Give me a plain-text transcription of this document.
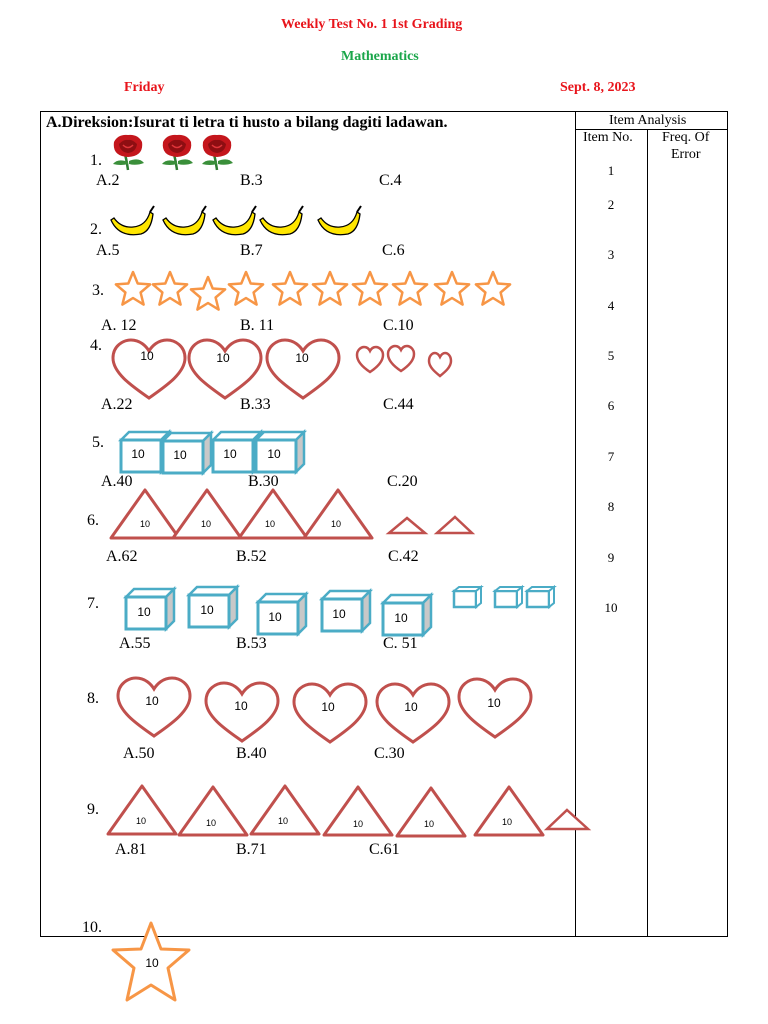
Weekly Test No. 1 1st Grading
Mathematics
Friday	Sept. 8, 2023
A.Direksion:Isurat ti letra ti husto a bilang dagiti ladawan.	Item Analysis
Item No. Freq. Of
Error
1
2
3
4
5
6
7
8
9
10
1.
A.2	B.3	C.4
2.
A.5	B.7	C.6
3.
A. 12	B. 11	C.10
4.
A.22	B.33	C.44
5.
A.40	B.30	C.20
6.
A.62	B.52	C.42
7.
A.55	B.53	C. 51
8.
A.50	B.40	C.30
9.
A.81	B.71	C.61
10.
10	10	10
10 10	10	10
10	10	10	10
10	10	10	10	10
10	10	10	10	10
10	10	10	10	10	10
10
